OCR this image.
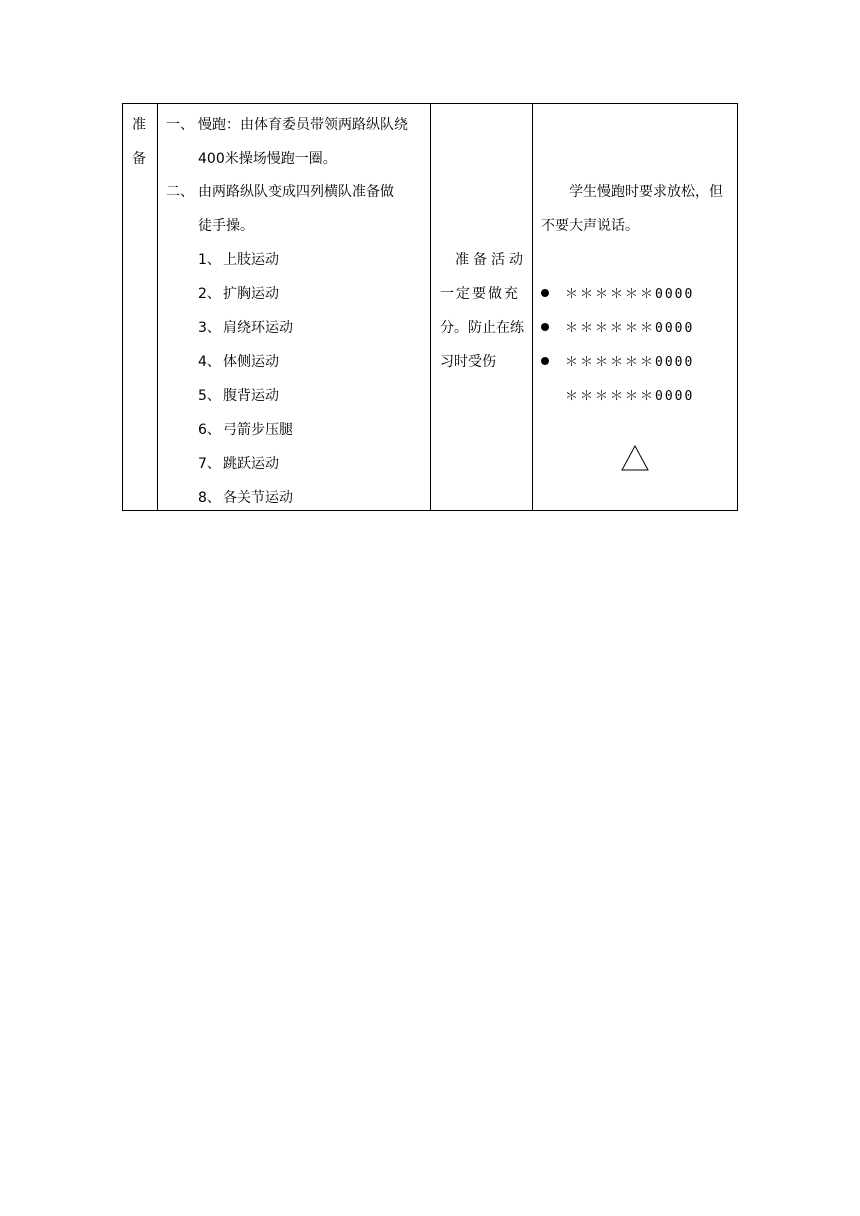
准
备
一、 慢跑：由体育委员带领两路纵队绕
400米操场慢跑一圈。
二、 由两路纵队变成四列横队准备做
徒手操。
1、 上肢运动
2、 扩胸运动
3、 肩绕环运动
4、 体侧运动
5、 腹背运动
6、 弓箭步压腿
7、 跳跃运动
8、 各关节运动
准备活动
一定要做充
分。防止在练
习时受伤
学生慢跑时要求放松，但
不要大声说话。
＊＊＊＊＊＊0000
＊＊＊＊＊＊0000
＊＊＊＊＊＊0000
＊＊＊＊＊＊0000
